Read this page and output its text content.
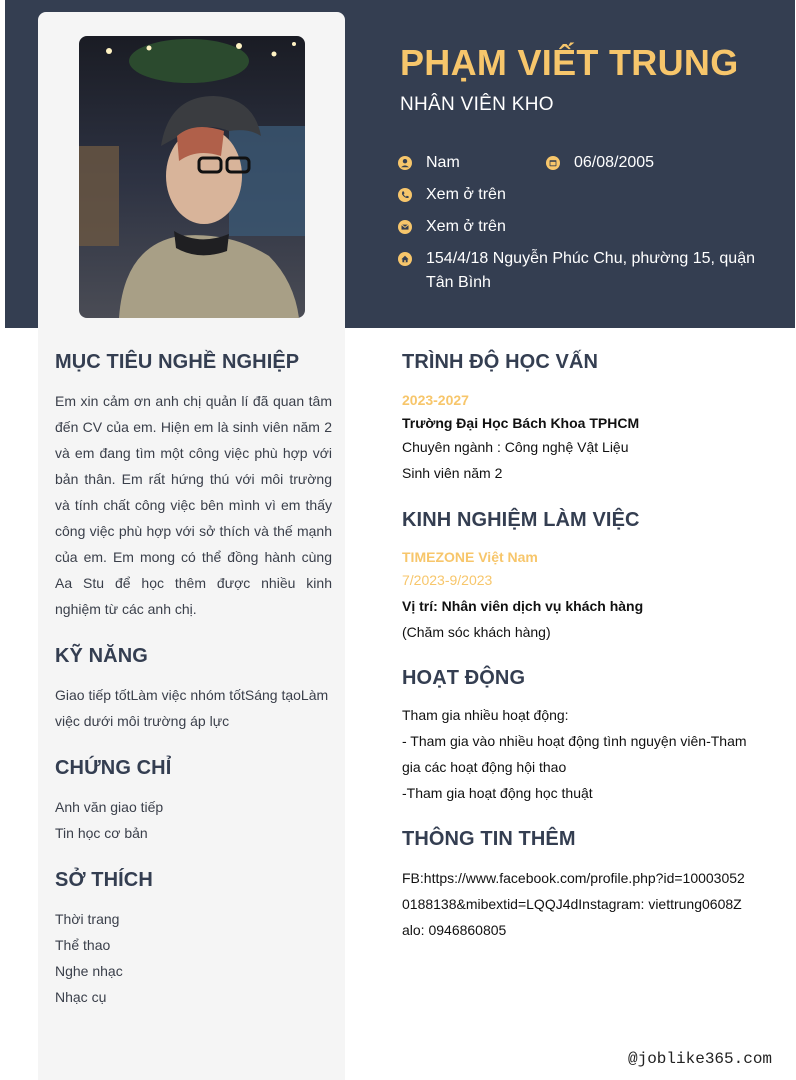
PHẠM VIẾT TRUNG
NHÂN VIÊN KHO
Nam	06/08/2005
Xem ở trên
Xem ở trên
154/4/18 Nguyễn Phúc Chu, phường 15, quận Tân Bình
MỤC TIÊU NGHỀ NGHIỆP
Em xin cảm ơn anh chị quản lí đã quan tâm đến CV của em. Hiện em là sinh viên năm 2 và em đang tìm một công việc phù hợp với bản thân. Em rất hứng thú với môi trường và tính chất công việc bên mình vì em thấy công việc phù hợp với sở thích và thế mạnh của em. Em mong có thể đồng hành cùng Aa Stu để học thêm được nhiều kinh nghiệm từ các anh chị.
KỸ NĂNG
Giao tiếp tốtLàm việc nhóm tốtSáng tạoLàm việc dưới môi trường áp lực
CHỨNG CHỈ
Anh văn giao tiếp
Tin học cơ bản
SỞ THÍCH
Thời trang
Thể thao
Nghe nhạc
Nhạc cụ
TRÌNH ĐỘ HỌC VẤN
2023-2027
Trường Đại Học Bách Khoa TPHCM
Chuyên ngành : Công nghệ Vật Liệu
Sinh viên năm 2
KINH NGHIỆM LÀM VIỆC
TIMEZONE Việt Nam
7/2023-9/2023
Vị trí: Nhân viên dịch vụ khách hàng
(Chăm sóc khách hàng)
HOẠT ĐỘNG
Tham gia nhiều hoạt động:
- Tham gia vào nhiều hoạt động tình nguyện viên-Tham gia các hoạt động hội thao
-Tham gia hoạt động học thuật
THÔNG TIN THÊM
FB:https://www.facebook.com/profile.php?id=100030520188138&mibextid=LQQJ4dInstagram: viettrung0608Zalo: 0946860805
@joblike365.com
